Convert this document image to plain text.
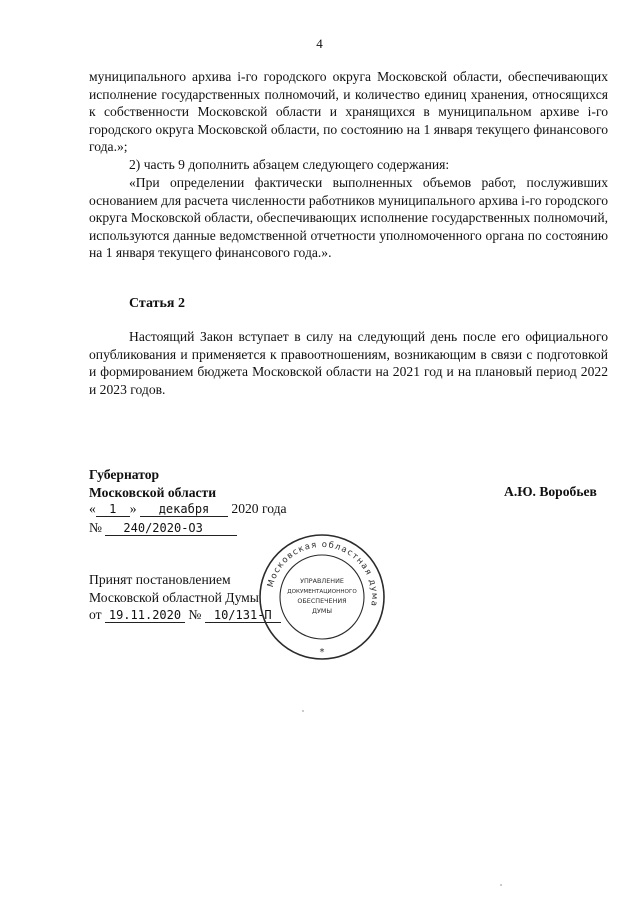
4
муниципального архива i-го городского округа Московской области, обеспечивающих исполнение государственных полномочий, и количество единиц хранения, относящихся к собственности Московской области и хранящихся в муниципальном архиве i-го городского округа Московской области, по состоянию на 1 января текущего финансового года.»;
2) часть 9 дополнить абзацем следующего содержания:
«При определении фактически выполненных объемов работ, послуживших основанием для расчета численности работников муниципального архива i-го городского округа Московской области, обеспечивающих исполнение государственных полномочий, используются данные ведомственной отчетности уполномоченного органа по состоянию на 1 января текущего финансового года.».
Статья 2
Настоящий Закон вступает в силу на следующий день после его официального опубликования и применяется к правоотношениям, возникающим в связи с подготовкой и формированием бюджета Московской области на 2021 год и на плановый период 2022 и 2023 годов.
Губернатор
Московской области	А.Ю. Воробьев
« 1 » декабря 2020 года
№ 240/2020-ОЗ
Принят постановлением
Московской областной Думы
от 19.11.2020 № 10/131-П
Московская областная дума
УПРАВЛЕНИЕ
ДОКУМЕНТАЦИОННОГО
ОБЕСПЕЧЕНИЯ
ДУМЫ
*
